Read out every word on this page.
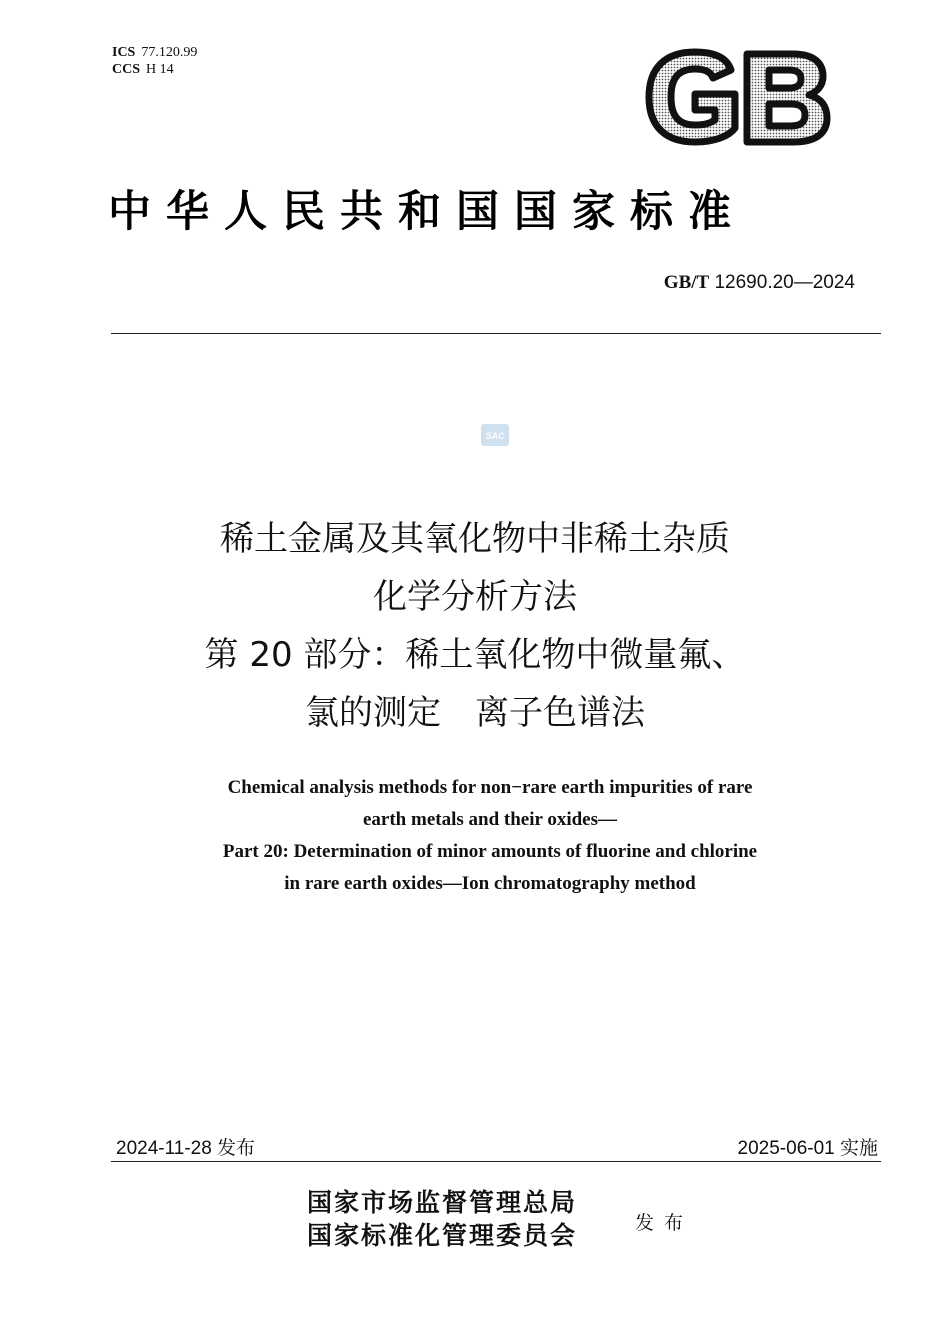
ICS 77.120.99
CCS H 14
GB
中华人民共和国国家标准
GB/T 12690.20—2024
SAC
稀土金属及其氧化物中非稀土杂质
化学分析方法
第 20 部分：稀土氧化物中微量氟、
氯的测定　离子色谱法
Chemical analysis methods for non−rare earth impurities of rare
earth metals and their oxides—
Part 20: Determination of minor amounts of fluorine and chlorine
in rare earth oxides—Ion chromatography method
2024-11-28 发布	2025-06-01 实施
国家市场监督管理总局
国家标准化管理委员会	发布
